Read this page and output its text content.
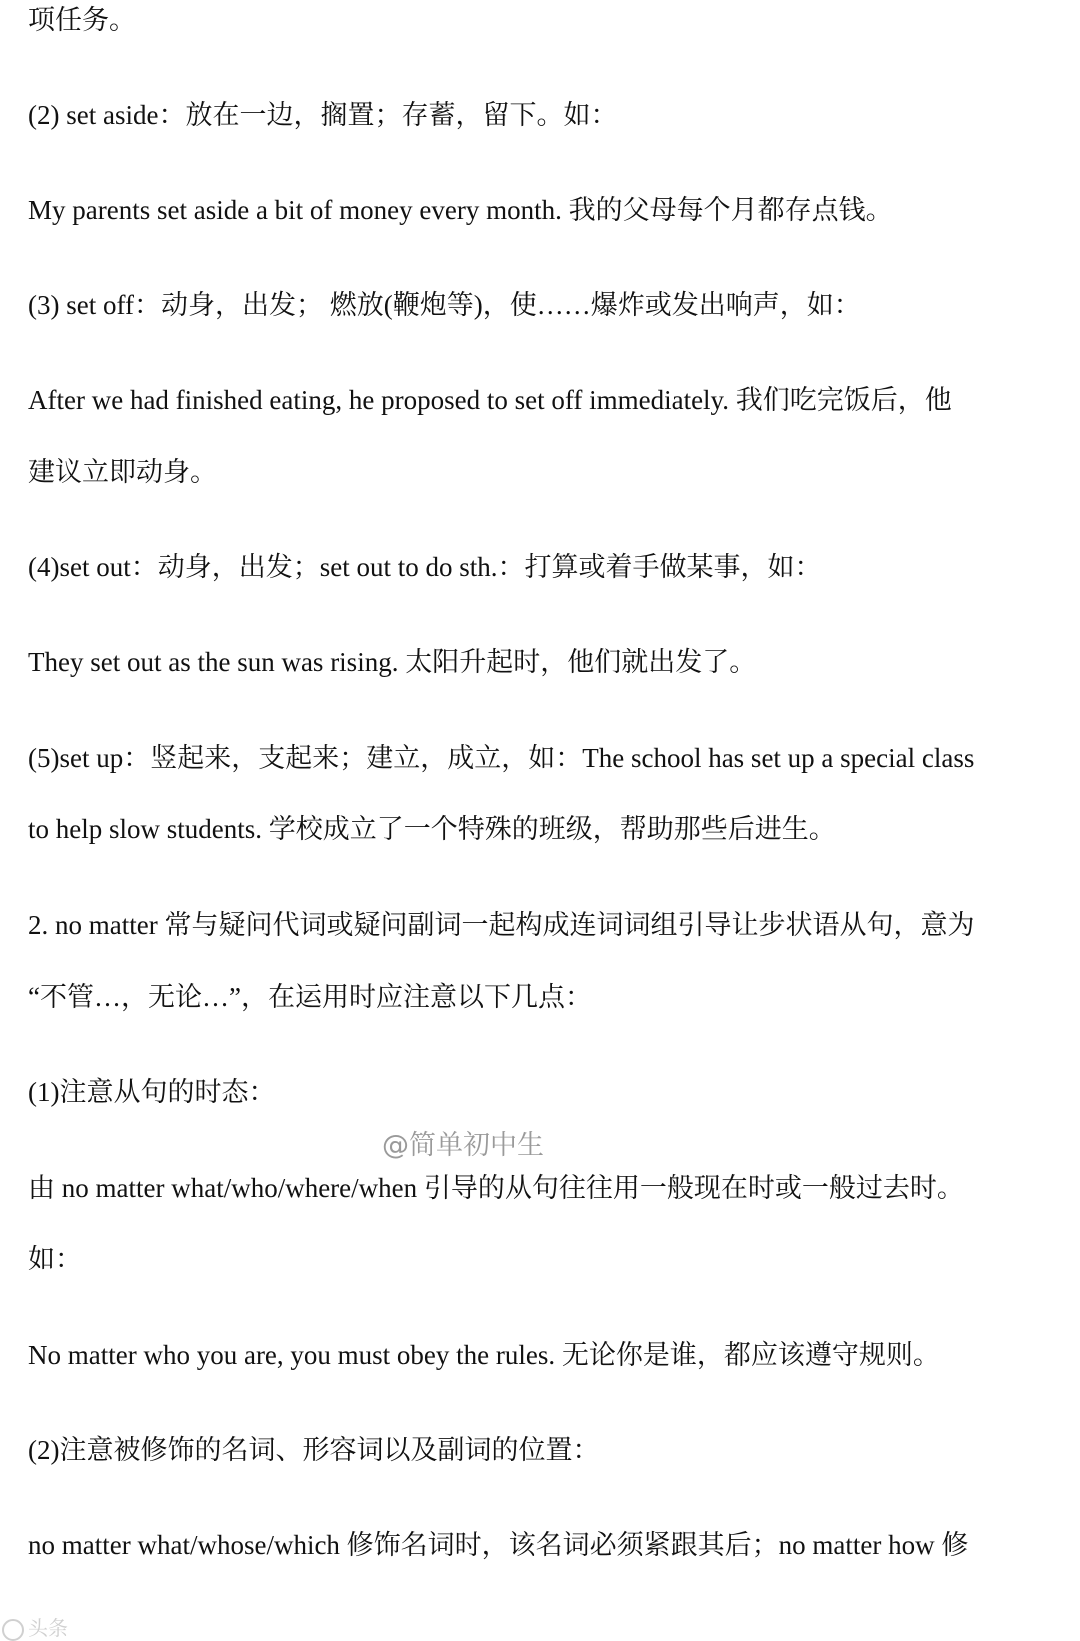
项任务。
(2) set aside：放在一边，搁置；存蓄，留下。如：
My parents set aside a bit of money every month. 我的父母每个月都存点钱。
(3) set off：动身，出发； 燃放(鞭炮等)，使……爆炸或发出响声，如：
After we had finished eating, he proposed to set off immediately. 我们吃完饭后，他
建议立即动身。
(4)set out：动身，出发；set out to do sth.：打算或着手做某事，如：
They set out as the sun was rising. 太阳升起时，他们就出发了。
(5)set up：竖起来，支起来；建立，成立，如：The school has set up a special class
to help slow students. 学校成立了一个特殊的班级，帮助那些后进生。
2. no matter 常与疑问代词或疑问副词一起构成连词词组引导让步状语从句，意为
“不管…，无论…”，在运用时应注意以下几点：
(1)注意从句的时态：
由 no matter what/who/where/when 引导的从句往往用一般现在时或一般过去时。
如：
No matter who you are, you must obey the rules. 无论你是谁，都应该遵守规则。
(2)注意被修饰的名词、形容词以及副词的位置：
no matter what/whose/which 修饰名词时，该名词必须紧跟其后；no matter how 修
@简单初中生
头条
